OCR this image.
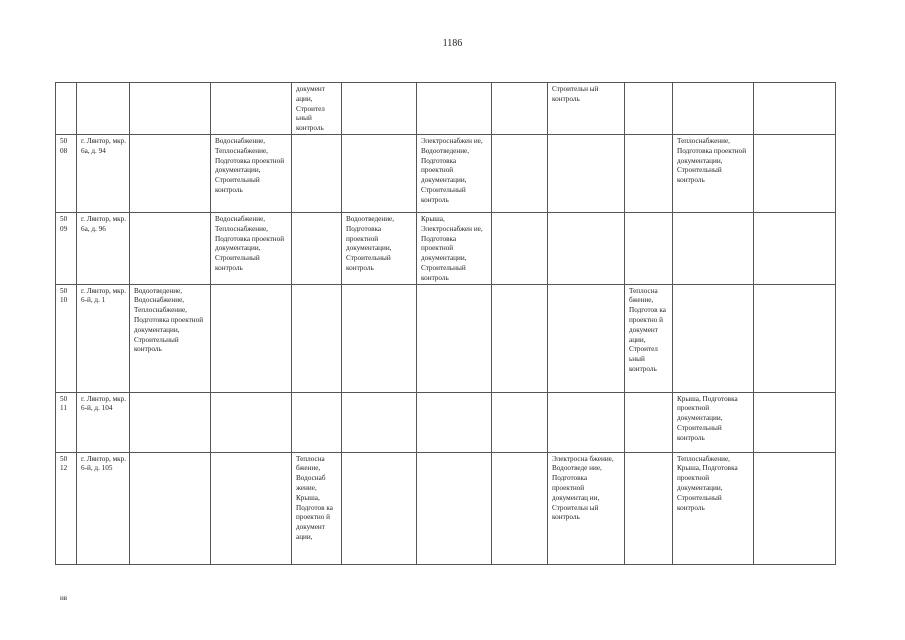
1186
				документ ации, Строител ьный контроль				Строительн ый контроль			
50 08	г. Лянтор, мкр. 6а, д. 94		Водоснабжение, Теплоснабжение, Подготовка проектной документации, Строительный контроль			Электроснабжен ие, Водоотведение, Подготовка проектной документации, Строительный контроль				Теплоснабжение, Подготовка проектной документации, Строительный контроль	
50 09	г. Лянтор, мкр. 6а, д. 96		Водоснабжение, Теплоснабжение, Подготовка проектной документации, Строительный контроль		Водоотведение, Подготовка проектной документации, Строительный контроль	Крыша, Электроснабжен ие, Подготовка проектной документации, Строительный контроль					
50 10	г. Лянтор, мкр. 6-й, д. 1	Водоотведение, Водоснабжение, Теплоснабжение, Подготовка проектной документации, Строительный контроль							Теплосна бжение, Подготов ка проектно й документ ации, Строител ьный контроль		
50 11	г. Лянтор, мкр. 6-й, д. 104									Крыша, Подготовка проектной документации, Строительный контроль	
50 12	г. Лянтор, мкр. 6-й, д. 105			Теплосна бжение, Водоснаб жение, Крыша, Подготов ка проектно й документ ации,				Электросна бжение, Водоотведе ние, Подготовка проектной документац ии, Строительн ый контроль		Теплоснабжение, Крыша, Подготовка проектной документации, Строительный контроль	
нв
